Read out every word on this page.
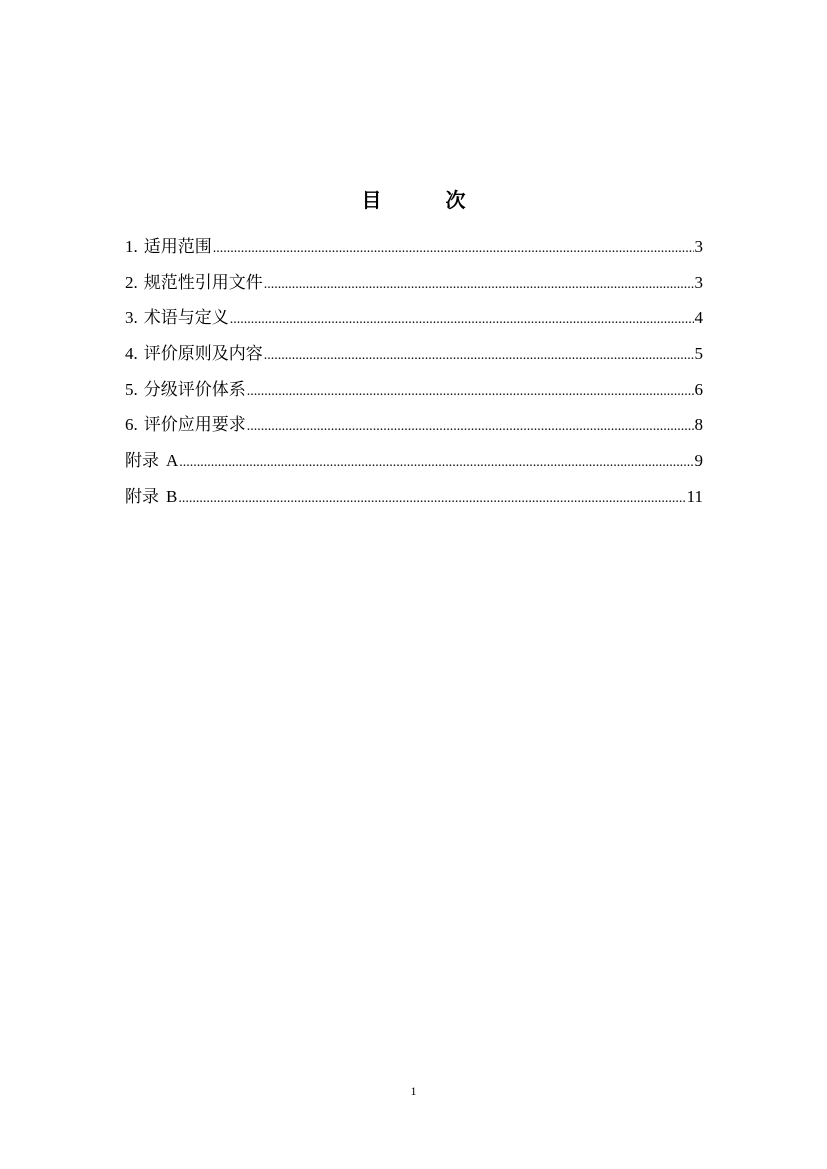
目　次
1. 适用范围 .....	3
2. 规范性引用文件 .....	3
3. 术语与定义 .....	4
4. 评价原则及内容 .....	5
5. 分级评价体系 .....	6
6. 评价应用要求 .....	8
附录 A .....	9
附录 B .....	11
1
